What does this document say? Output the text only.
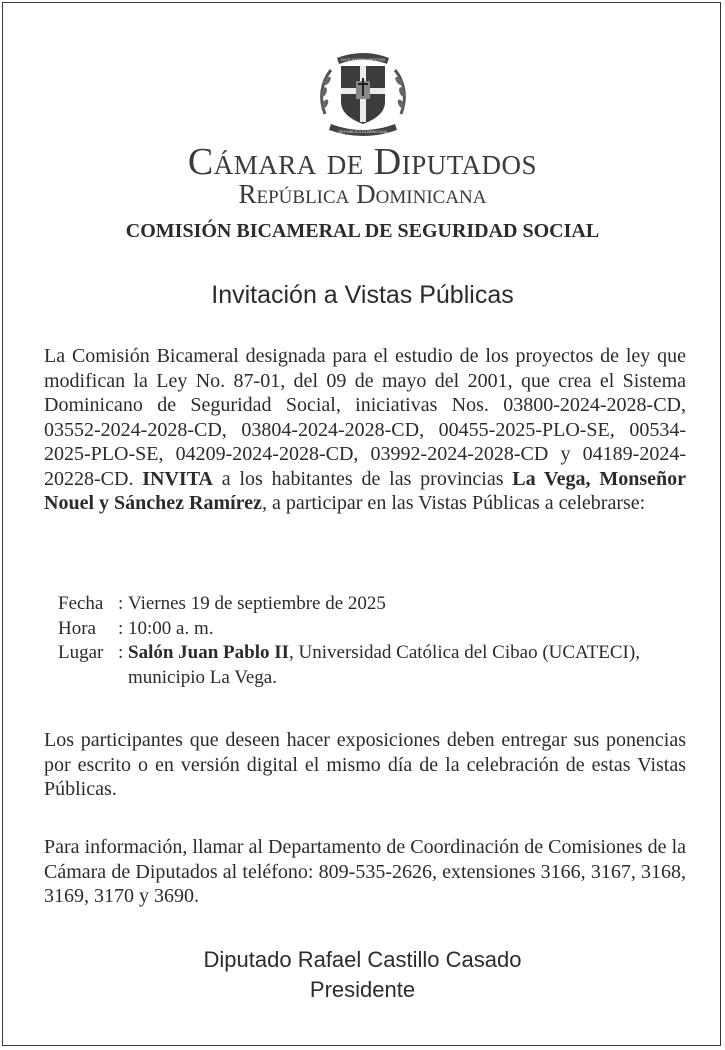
DIOS PATRIA LIBERTAD
REPÚBLICA DOMINICANA
Cámara de Diputados
República Dominicana
COMISIÓN BICAMERAL DE SEGURIDAD SOCIAL
Invitación a Vistas Públicas
La Comisión Bicameral designada para el estudio de los proyectos de ley que modifican la Ley No. 87-01, del 09 de mayo del 2001, que crea el Sistema Dominicano de Seguridad Social, iniciativas Nos. 03800-2024-2028-CD, 03552-2024-2028-CD, 03804-2024-2028-CD, 00455-2025-PLO-SE, 00534-2025-PLO-SE, 04209-2024-2028-CD, 03992-2024-2028-CD y 04189-2024-20228-CD. INVITA a los habitantes de las provincias La Vega, Monseñor Nouel y Sánchez Ramírez, a participar en las Vistas Públicas a celebrarse:
Fecha : Viernes 19 de septiembre de 2025
Hora	: 10:00 a. m.
Lugar : Salón Juan Pablo II, Universidad Católica del Cibao (UCATECI), municipio La Vega.
Los participantes que deseen hacer exposiciones deben entregar sus ponencias por escrito o en versión digital el mismo día de la celebración de estas Vistas Públicas.
Para información, llamar al Departamento de Coordinación de Comisiones de la Cámara de Diputados al teléfono: 809-535-2626, extensiones 3166, 3167, 3168, 3169, 3170 y 3690.
Diputado Rafael Castillo Casado
Presidente
